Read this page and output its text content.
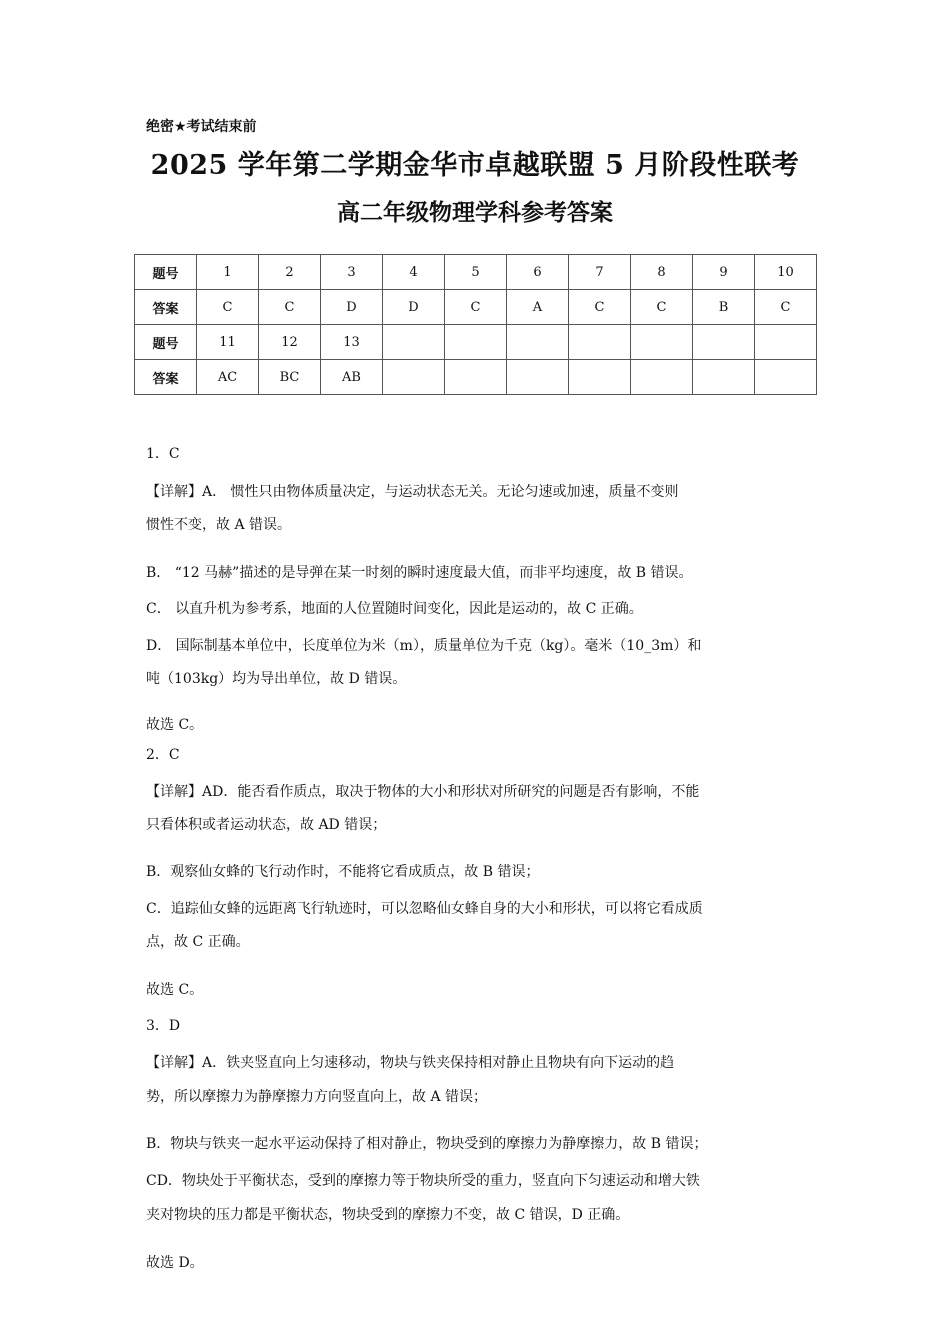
绝密★考试结束前
2025 学年第二学期金华市卓越联盟 5 月阶段性联考
高二年级物理学科参考答案
题号	1	2	3	4	5	6	7	8	9	10
答案	C	C	D	D	C	A	C	C	B	C
题号	11	12	13							
答案	AC	BC	AB							
1．C
【详解】A． 惯性只由物体质量决定，与运动状态无关。无论匀速或加速，质量不变则
惯性不变，故 A 错误。
B． “12 马赫”描述的是导弹在某一时刻的瞬时速度最大值，而非平均速度，故 B 错误。
C． 以直升机为参考系，地面的人位置随时间变化，因此是运动的，故 C 正确。
D． 国际制基本单位中，长度单位为米（m），质量单位为千克（kg）。毫米（10_3m）和
吨（103kg）均为导出单位，故 D 错误。
故选 C。
2．C
【详解】AD．能否看作质点，取决于物体的大小和形状对所研究的问题是否有影响，不能
只看体积或者运动状态，故 AD 错误；
B．观察仙女蜂的飞行动作时，不能将它看成质点，故 B 错误；
C．追踪仙女蜂的远距离飞行轨迹时，可以忽略仙女蜂自身的大小和形状，可以将它看成质
点，故 C 正确。
故选 C。
3．D
【详解】A．铁夹竖直向上匀速移动，物块与铁夹保持相对静止且物块有向下运动的趋
势，所以摩擦力为静摩擦力方向竖直向上，故 A 错误；
B．物块与铁夹一起水平运动保持了相对静止，物块受到的摩擦力为静摩擦力，故 B 错误；
CD．物块处于平衡状态，受到的摩擦力等于物块所受的重力，竖直向下匀速运动和增大铁
夹对物块的压力都是平衡状态，物块受到的摩擦力不变，故 C 错误，D 正确。
故选 D。
